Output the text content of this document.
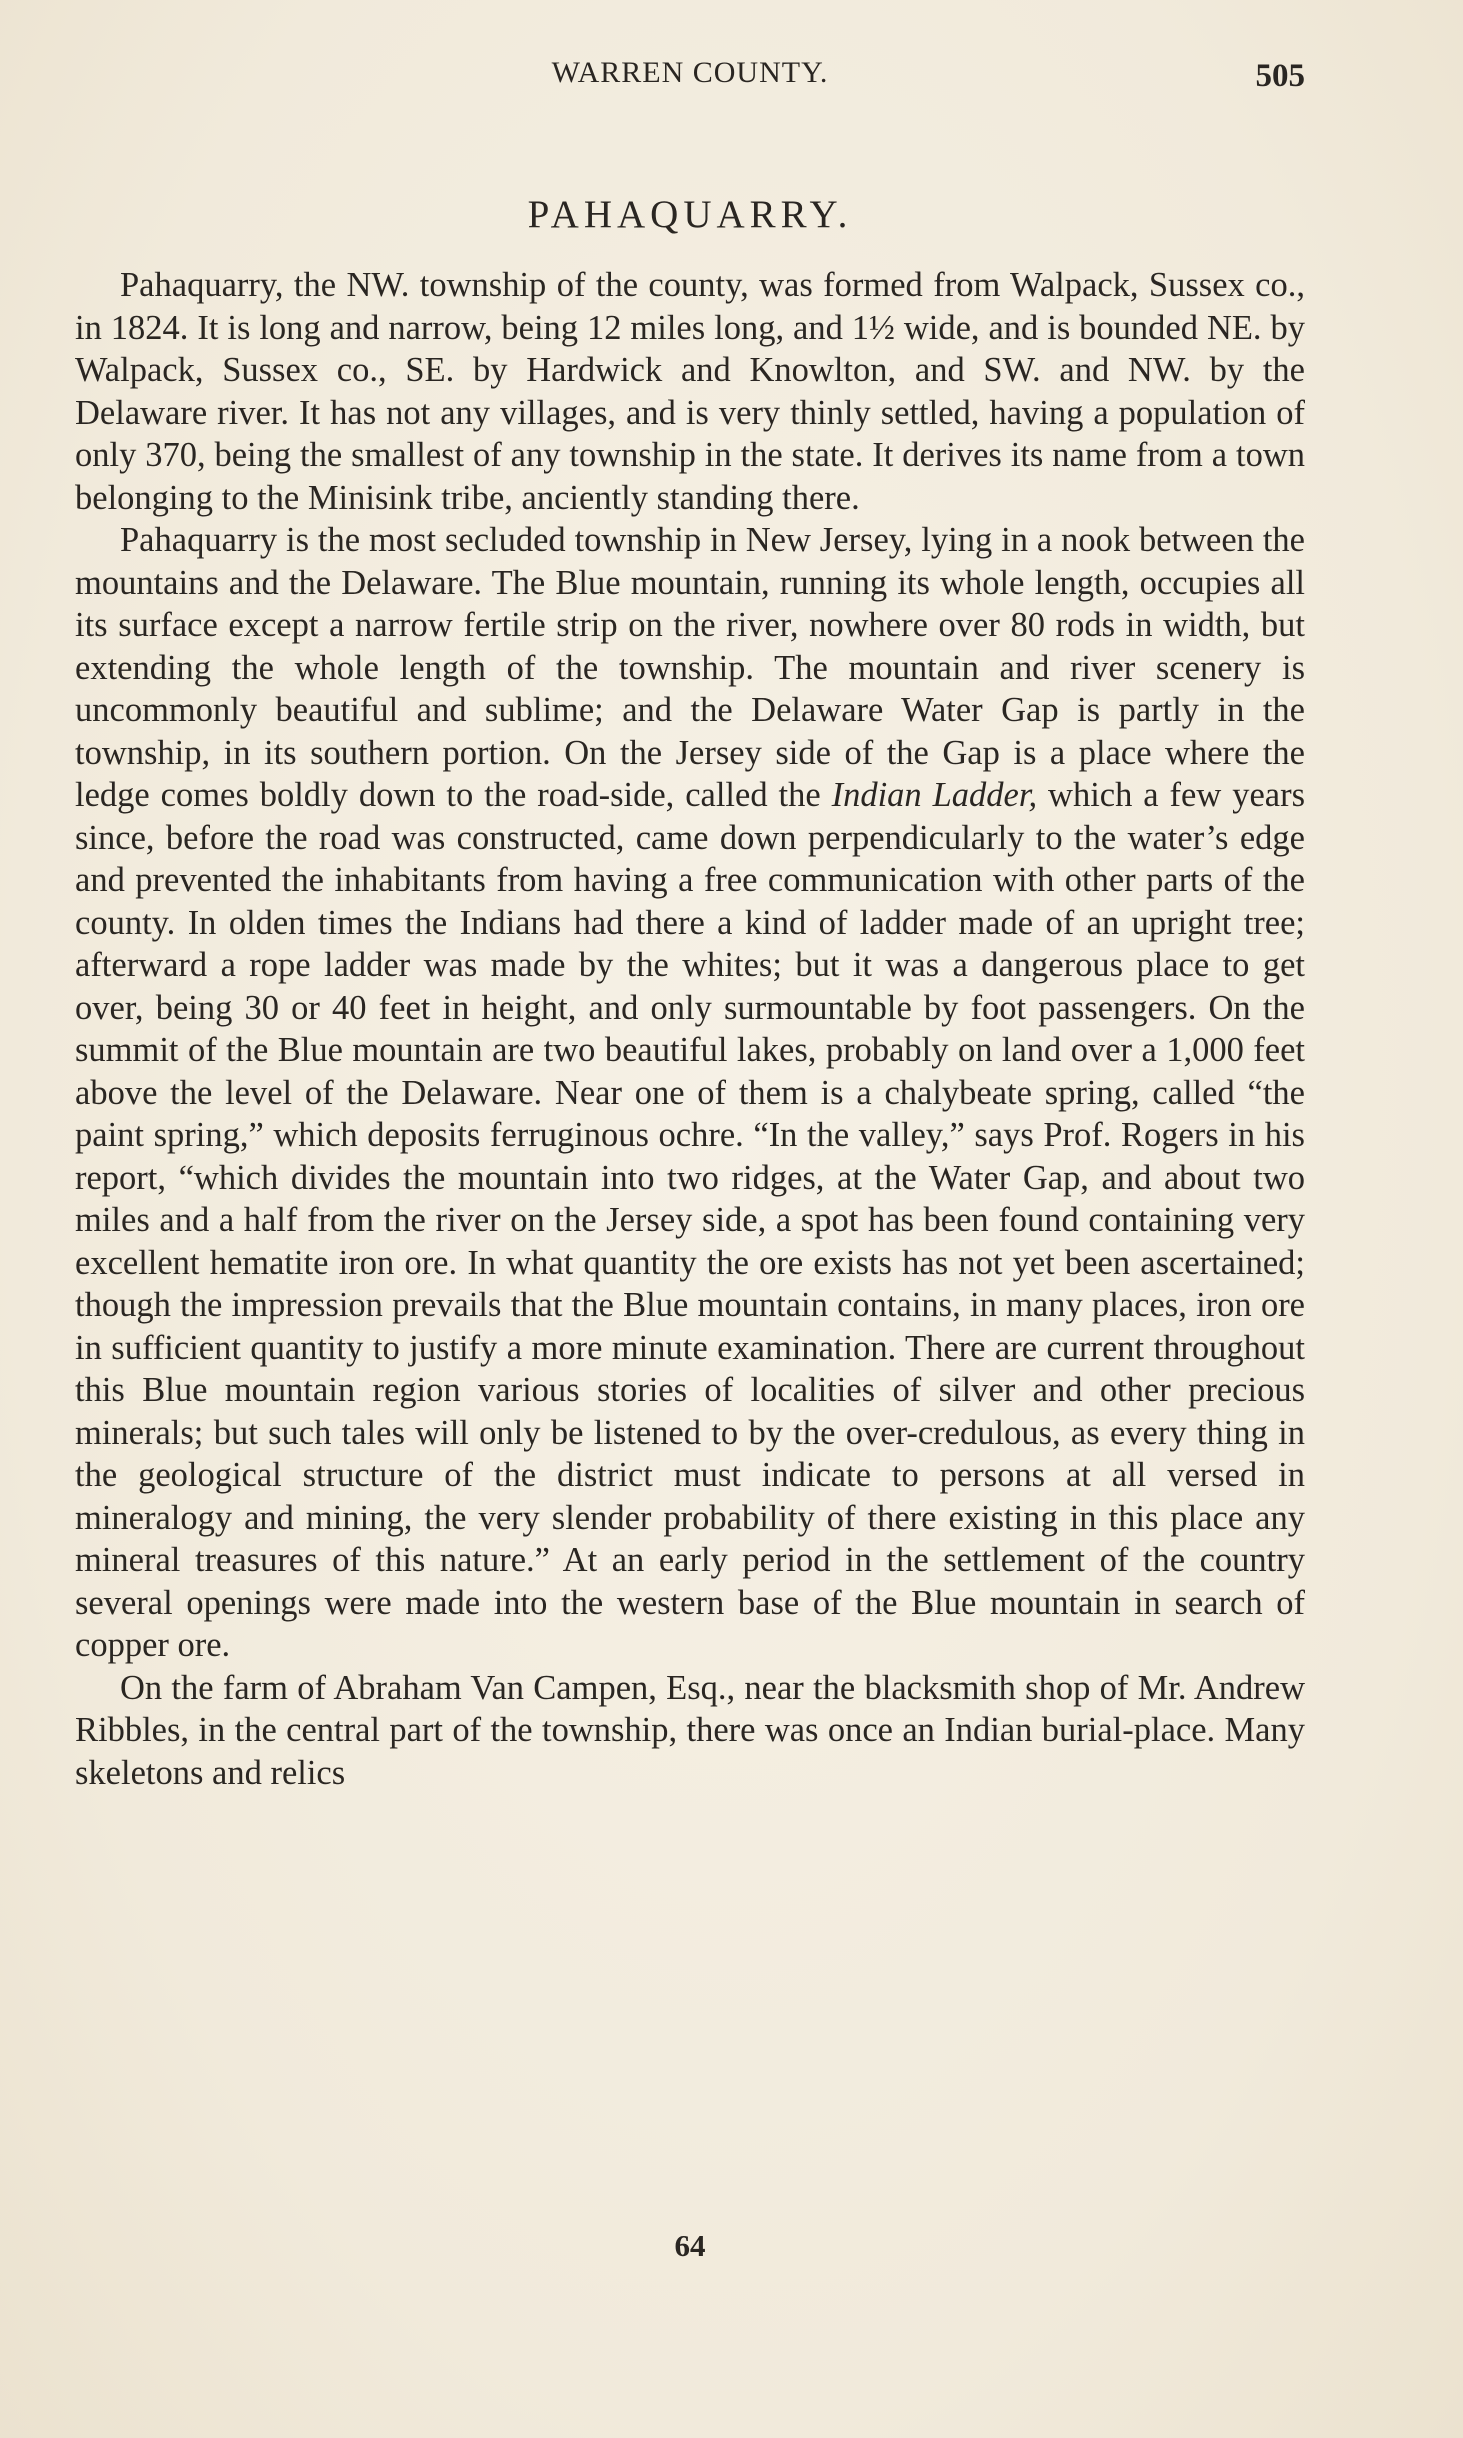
WARREN COUNTY.	505
PAHAQUARRY.

Pahaquarry, the NW. township of the county, was formed from Walpack, Sussex co., in 1824. It is long and narrow, being 12 miles long, and 1½ wide, and is bounded NE. by Walpack, Sussex co., SE. by Hardwick and Knowlton, and SW. and NW. by the Delaware river. It has not any villages, and is very thinly settled, having a population of only 370, being the smallest of any township in the state. It derives its name from a town belonging to the Minisink tribe, anciently standing there.

Pahaquarry is the most secluded township in New Jersey, lying in a nook between the mountains and the Delaware. The Blue mountain, running its whole length, occupies all its surface except a narrow fertile strip on the river, nowhere over 80 rods in width, but extending the whole length of the township. The mountain and river scenery is uncommonly beautiful and sublime; and the Delaware Water Gap is partly in the township, in its southern portion. On the Jersey side of the Gap is a place where the ledge comes boldly down to the road-side, called the Indian Ladder, which a few years since, before the road was constructed, came down perpendicularly to the water’s edge and prevented the inhabitants from having a free communication with other parts of the county. In olden times the Indians had there a kind of ladder made of an upright tree; afterward a rope ladder was made by the whites; but it was a dangerous place to get over, being 30 or 40 feet in height, and only surmountable by foot passengers. On the summit of the Blue mountain are two beautiful lakes, probably on land over a 1,000 feet above the level of the Delaware. Near one of them is a chalybeate spring, called “the paint spring,” which deposits ferruginous ochre. “In the valley,” says Prof. Rogers in his report, “which divides the mountain into two ridges, at the Water Gap, and about two miles and a half from the river on the Jersey side, a spot has been found containing very excellent hematite iron ore. In what quantity the ore exists has not yet been ascertained; though the impression prevails that the Blue mountain contains, in many places, iron ore in sufficient quantity to justify a more minute examination. There are current throughout this Blue mountain region various stories of localities of silver and other precious minerals; but such tales will only be listened to by the over-credulous, as every thing in the geological structure of the district must indicate to persons at all versed in mineralogy and mining, the very slender probability of there existing in this place any mineral treasures of this nature.” At an early period in the settlement of the country several openings were made into the western base of the Blue mountain in search of copper ore.

On the farm of Abraham Van Campen, Esq., near the blacksmith shop of Mr. Andrew Ribbles, in the central part of the township, there was once an Indian burial-place. Many skeletons and relics

64
